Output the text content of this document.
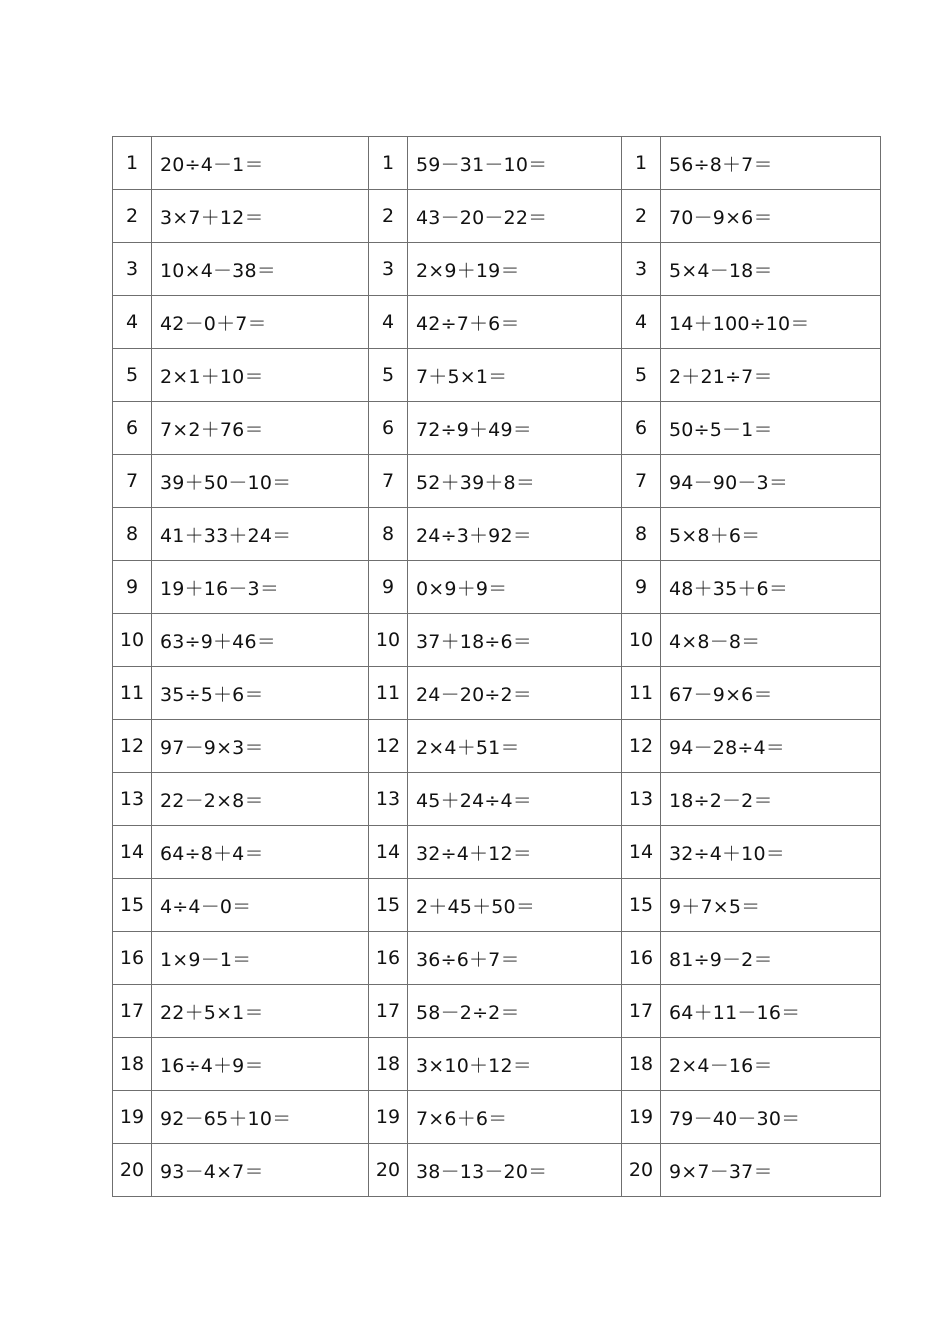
1	20÷4－1＝	1	59－31－10＝	1	56÷8＋7＝
2	3×7＋12＝	2	43－20－22＝	2	70－9×6＝
3	10×4－38＝	3	2×9＋19＝	3	5×4－18＝
4	42－0＋7＝	4	42÷7＋6＝	4	14＋100÷10＝
5	2×1＋10＝	5	7＋5×1＝	5	2＋21÷7＝
6	7×2＋76＝	6	72÷9＋49＝	6	50÷5－1＝
7	39＋50－10＝	7	52＋39＋8＝	7	94－90－3＝
8	41＋33＋24＝	8	24÷3＋92＝	8	5×8＋6＝
9	19＋16－3＝	9	0×9＋9＝	9	48＋35＋6＝
10	63÷9＋46＝	10	37＋18÷6＝	10	4×8－8＝
11	35÷5＋6＝	11	24－20÷2＝	11	67－9×6＝
12	97－9×3＝	12	2×4＋51＝	12	94－28÷4＝
13	22－2×8＝	13	45＋24÷4＝	13	18÷2－2＝
14	64÷8＋4＝	14	32÷4＋12＝	14	32÷4＋10＝
15	4÷4－0＝	15	2＋45＋50＝	15	9＋7×5＝
16	1×9－1＝	16	36÷6＋7＝	16	81÷9－2＝
17	22＋5×1＝	17	58－2÷2＝	17	64＋11－16＝
18	16÷4＋9＝	18	3×10＋12＝	18	2×4－16＝
19	92－65＋10＝	19	7×6＋6＝	19	79－40－30＝
20	93－4×7＝	20	38－13－20＝	20	9×7－37＝
